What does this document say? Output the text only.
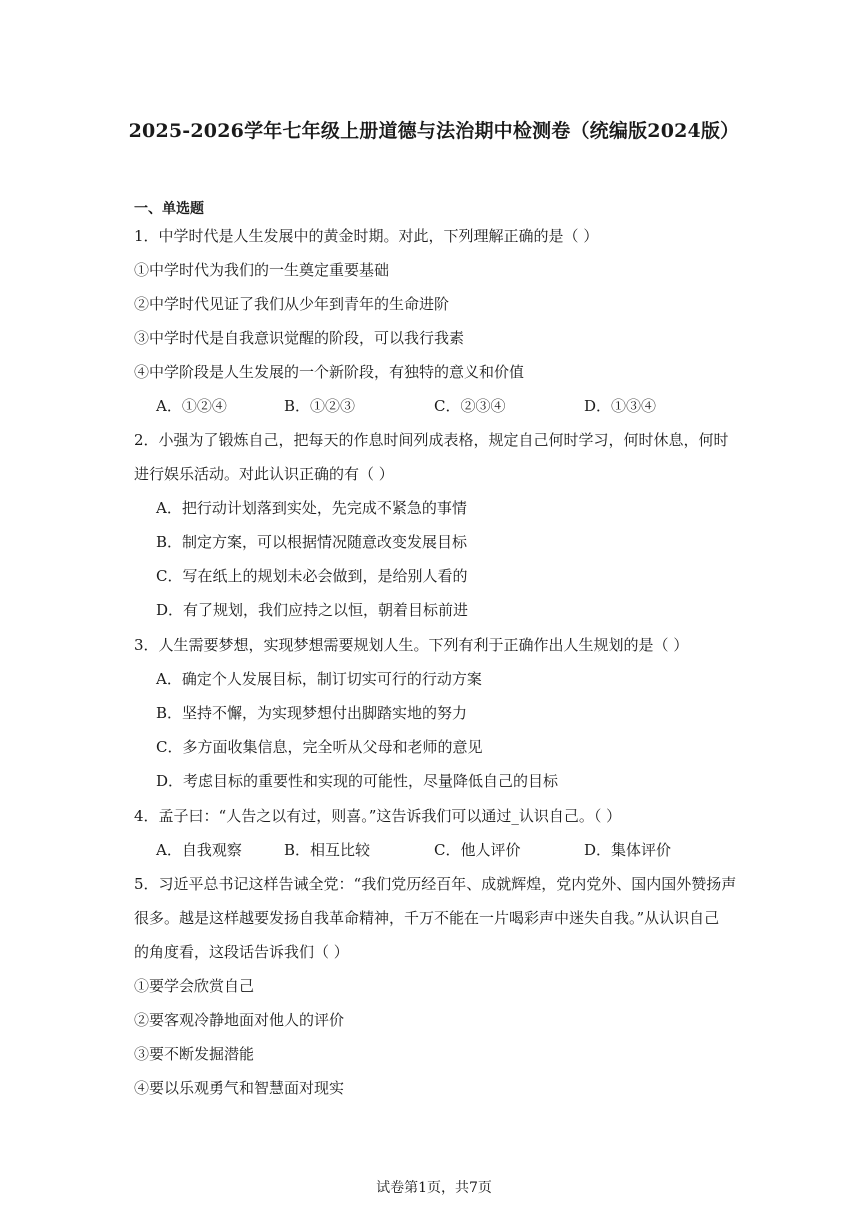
2025-2026学年七年级上册道德与法治期中检测卷（统编版2024版）
一、单选题
1．中学时代是人生发展中的黄金时期。对此，下列理解正确的是（ ）
①中学时代为我们的一生奠定重要基础
②中学时代见证了我们从少年到青年的生命进阶
③中学时代是自我意识觉醒的阶段，可以我行我素
④中学阶段是人生发展的一个新阶段，有独特的意义和价值
A．①②④	B．①②③	C．②③④	D．①③④
2．小强为了锻炼自己，把每天的作息时间列成表格，规定自己何时学习，何时休息，何时
进行娱乐活动。对此认识正确的有（ ）
A．把行动计划落到实处，先完成不紧急的事情
B．制定方案，可以根据情况随意改变发展目标
C．写在纸上的规划未必会做到，是给别人看的
D．有了规划，我们应持之以恒，朝着目标前进
3．人生需要梦想，实现梦想需要规划人生。下列有利于正确作出人生规划的是（ ）
A．确定个人发展目标，制订切实可行的行动方案
B．坚持不懈，为实现梦想付出脚踏实地的努力
C．多方面收集信息，完全听从父母和老师的意见
D．考虑目标的重要性和实现的可能性，尽量降低自己的目标
4．孟子曰：“人告之以有过，则喜。”这告诉我们可以通过_认识自己。（ ）
A．自我观察	B．相互比较	C．他人评价	D．集体评价
5．习近平总书记这样告诫全党：“我们党历经百年、成就辉煌，党内党外、国内国外赞扬声
很多。越是这样越要发扬自我革命精神，千万不能在一片喝彩声中迷失自我。”从认识自己
的角度看，这段话告诉我们（ ）
①要学会欣赏自己
②要客观冷静地面对他人的评价
③要不断发掘潜能
④要以乐观勇气和智慧面对现实
试卷第1页，共7页
